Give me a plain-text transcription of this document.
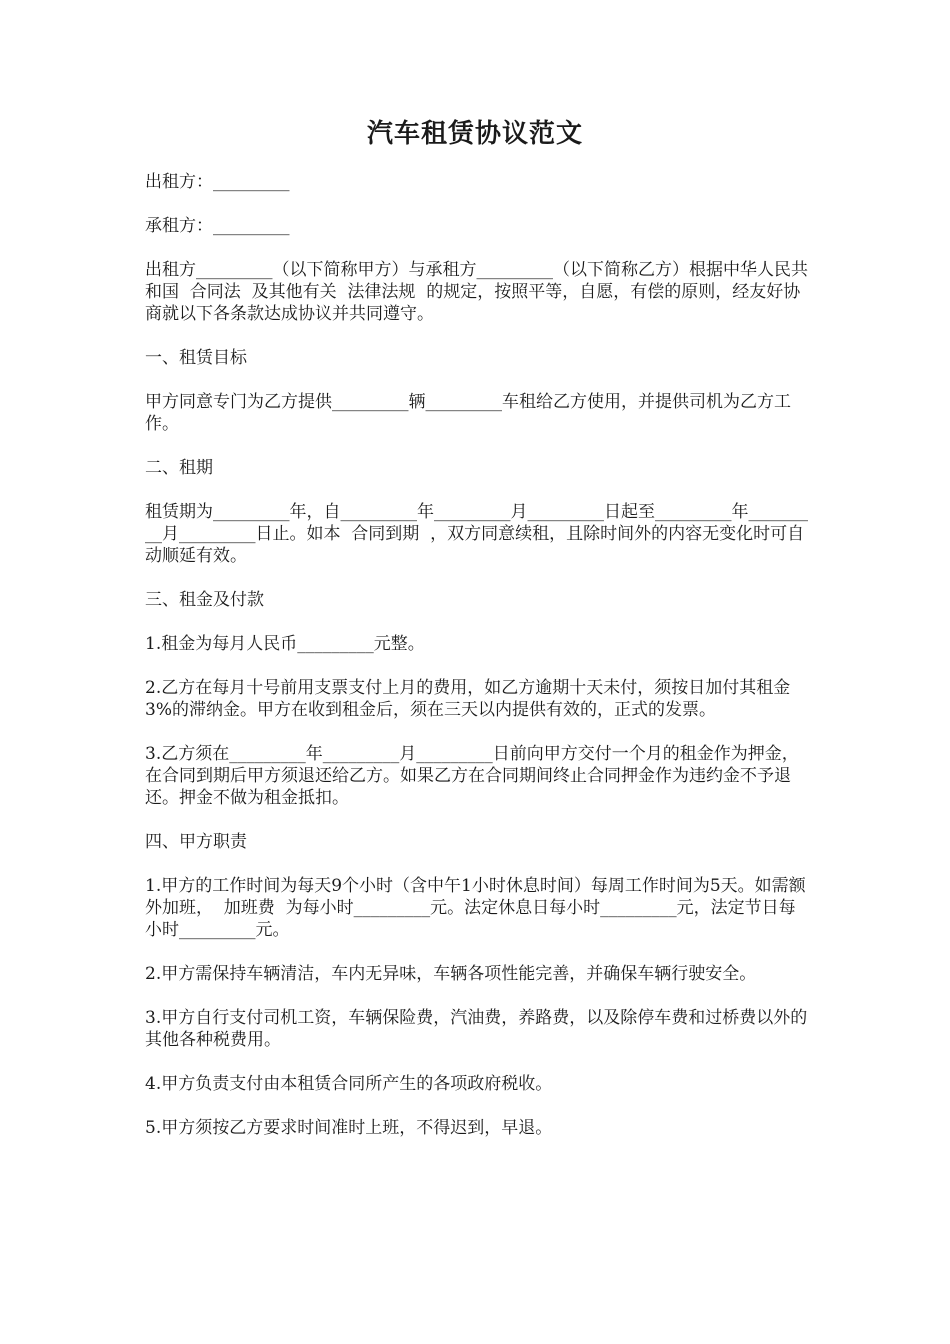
汽车租赁协议范文

出租方：_________

承租方：_________

出租方_________（以下简称甲方）与承租方_________（以下简称乙方）根据中华人民共和国  合同法  及其他有关  法律法规  的规定，按照平等，自愿，有偿的原则，经友好协商就以下各条款达成协议并共同遵守。

一、租赁目标

甲方同意专门为乙方提供_________辆_________车租给乙方使用，并提供司机为乙方工作。

二、租期

租赁期为_________年，自_________年_________月_________日起至_________年_________月_________日止。如本  合同到期  ，双方同意续租，且除时间外的内容无变化时可自动顺延有效。

三、租金及付款

1.租金为每月人民币_________元整。

2.乙方在每月十号前用支票支付上月的费用，如乙方逾期十天未付，须按日加付其租金3%的滞纳金。甲方在收到租金后，须在三天以内提供有效的，正式的发票。

3.乙方须在_________年_________月_________日前向甲方交付一个月的租金作为押金，在合同到期后甲方须退还给乙方。如果乙方在合同期间终止合同押金作为违约金不予退还。押金不做为租金抵扣。

四、甲方职责

1.甲方的工作时间为每天9个小时（含中午1小时休息时间）每周工作时间为5天。如需额外加班，  加班费  为每小时_________元。法定休息日每小时_________元，法定节日每小时_________元。

2.甲方需保持车辆清洁，车内无异味，车辆各项性能完善，并确保车辆行驶安全。

3.甲方自行支付司机工资，车辆保险费，汽油费，养路费，以及除停车费和过桥费以外的其他各种税费用。

4.甲方负责支付由本租赁合同所产生的各项政府税收。

5.甲方须按乙方要求时间准时上班，不得迟到，早退。
